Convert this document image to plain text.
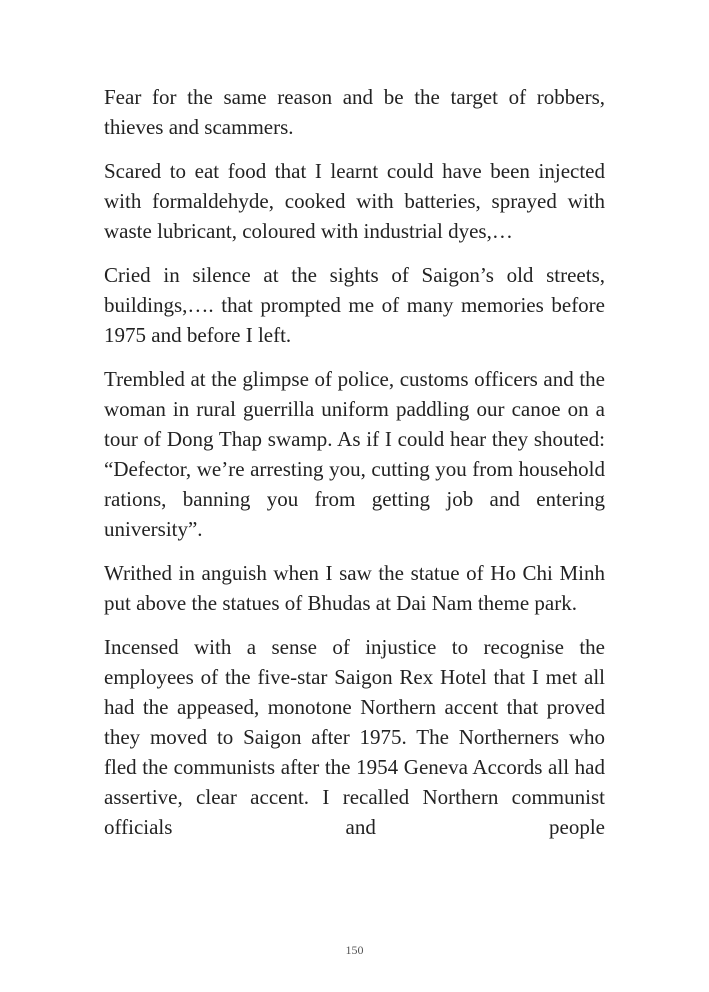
Fear for the same reason and be the target of robbers, thieves and scammers.

Scared to eat food that I learnt could have been injected with formaldehyde, cooked with batteries, sprayed with waste lubricant, coloured with industrial dyes,…

Cried in silence at the sights of Saigon’s old streets, buildings,…. that prompted me of many memories before 1975 and before I left.

Trembled at the glimpse of police, customs officers and the woman in rural guerrilla uniform paddling our canoe on a tour of Dong Thap swamp. As if I could hear they shouted: “Defector, we’re arresting you, cutting you from household rations, banning you from getting job and entering university”.

Writhed in anguish when I saw the statue of Ho Chi Minh put above the statues of Bhudas at Dai Nam theme park.

Incensed with a sense of injustice to recognise the employees of the five-star Saigon Rex Hotel that I met all had the appeased, monotone Northern accent that proved they moved to Saigon after 1975. The Northerners who fled the communists after the 1954 Geneva Accords all had assertive, clear accent. I recalled Northern communist officials and people

150
